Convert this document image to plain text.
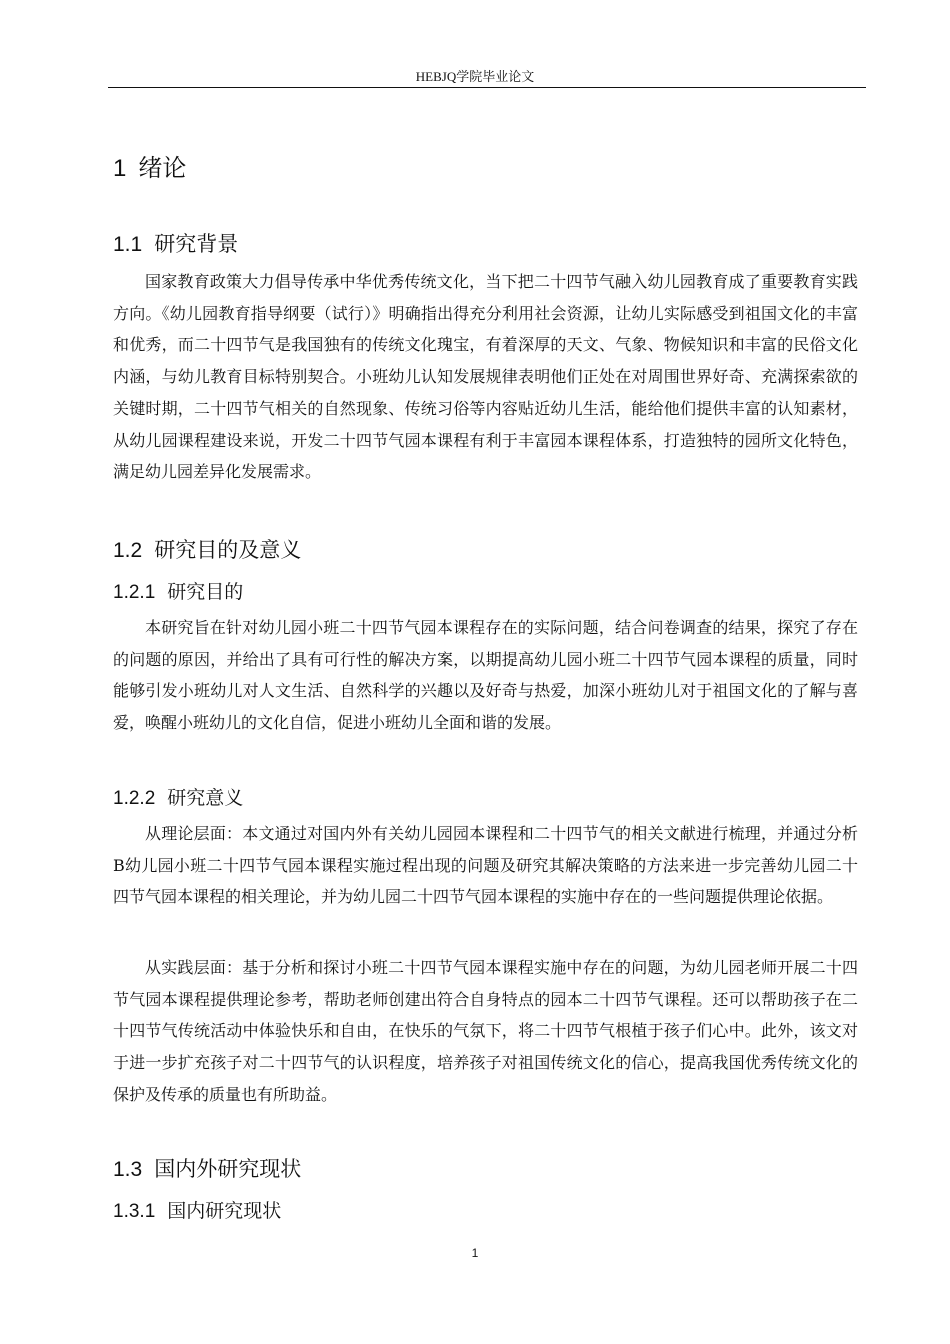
HEBJQ学院毕业论文
1 绪论
1.1 研究背景

国家教育政策大力倡导传承中华优秀传统文化，当下把二十四节气融入幼儿园教育成了重要教育实践方向。《幼儿园教育指导纲要（试行）》明确指出得充分利用社会资源，让幼儿实际感受到祖国文化的丰富和优秀，而二十四节气是我国独有的传统文化瑰宝，有着深厚的天文、气象、物候知识和丰富的民俗文化内涵，与幼儿教育目标特别契合。小班幼儿认知发展规律表明他们正处在对周围世界好奇、充满探索欲的关键时期，二十四节气相关的自然现象、传统习俗等内容贴近幼儿生活，能给他们提供丰富的认知素材，从幼儿园课程建设来说，开发二十四节气园本课程有利于丰富园本课程体系，打造独特的园所文化特色，满足幼儿园差异化发展需求。

1.2 研究目的及意义
1.2.1 研究目的

本研究旨在针对幼儿园小班二十四节气园本课程存在的实际问题，结合问卷调查的结果，探究了存在的问题的原因，并给出了具有可行性的解决方案，以期提高幼儿园小班二十四节气园本课程的质量，同时能够引发小班幼儿对人文生活、自然科学的兴趣以及好奇与热爱，加深小班幼儿对于祖国文化的了解与喜爱，唤醒小班幼儿的文化自信，促进小班幼儿全面和谐的发展。

1.2.2 研究意义

从理论层面：本文通过对国内外有关幼儿园园本课程和二十四节气的相关文献进行梳理，并通过分析B幼儿园小班二十四节气园本课程实施过程出现的问题及研究其解决策略的方法来进一步完善幼儿园二十四节气园本课程的相关理论，并为幼儿园二十四节气园本课程的实施中存在的一些问题提供理论依据。

从实践层面：基于分析和探讨小班二十四节气园本课程实施中存在的问题，为幼儿园老师开展二十四节气园本课程提供理论参考，帮助老师创建出符合自身特点的园本二十四节气课程。还可以帮助孩子在二十四节气传统活动中体验快乐和自由，在快乐的气氛下，将二十四节气根植于孩子们心中。此外，该文对于进一步扩充孩子对二十四节气的认识程度，培养孩子对祖国传统文化的信心，提高我国优秀传统文化的保护及传承的质量也有所助益。

1.3 国内外研究现状
1.3.1 国内研究现状
1
